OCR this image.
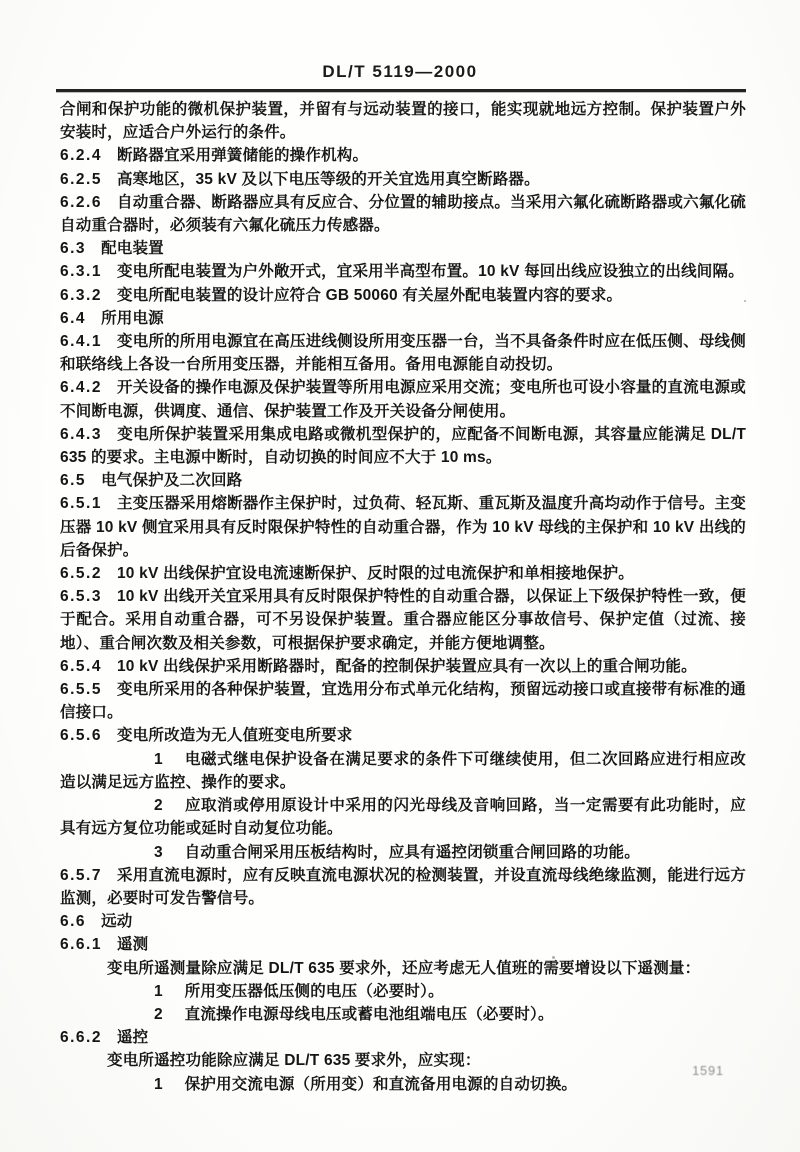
DL/T 5119—2000

合闸和保护功能的微机保护装置，并留有与远动装置的接口，能实现就地远方控制。保护装置户外安装时，应适合户外运行的条件。

6.2.4 断路器宜采用弹簧储能的操作机构。

6.2.5 高寒地区，35 kV 及以下电压等级的开关宜选用真空断路器。

6.2.6 自动重合器、断路器应具有反应合、分位置的辅助接点。当采用六氟化硫断路器或六氟化硫自动重合器时，必须装有六氟化硫压力传感器。

6.3 配电装置

6.3.1 变电所配电装置为户外敞开式，宜采用半高型布置。10 kV 每回出线应设独立的出线间隔。

6.3.2 变电所配电装置的设计应符合 GB 50060 有关屋外配电装置内容的要求。

6.4 所用电源

6.4.1 变电所的所用电源宜在高压进线侧设所用变压器一台，当不具备条件时应在低压侧、母线侧和联络线上各设一台所用变压器，并能相互备用。备用电源能自动投切。

6.4.2 开关设备的操作电源及保护装置等所用电源应采用交流；变电所也可设小容量的直流电源或不间断电源，供调度、通信、保护装置工作及开关设备分闸使用。

6.4.3 变电所保护装置采用集成电路或微机型保护的，应配备不间断电源，其容量应能满足 DL/T 635 的要求。主电源中断时，自动切换的时间应不大于 10 ms。

6.5 电气保护及二次回路

6.5.1 主变压器采用熔断器作主保护时，过负荷、轻瓦斯、重瓦斯及温度升高均动作于信号。主变压器 10 kV 侧宜采用具有反时限保护特性的自动重合器，作为 10 kV 母线的主保护和 10 kV 出线的后备保护。

6.5.2 10 kV 出线保护宜设电流速断保护、反时限的过电流保护和单相接地保护。

6.5.3 10 kV 出线开关宜采用具有反时限保护特性的自动重合器，以保证上下级保护特性一致，便于配合。采用自动重合器，可不另设保护装置。重合器应能区分事故信号、保护定值（过流、接地）、重合闸次数及相关参数，可根据保护要求确定，并能方便地调整。

6.5.4 10 kV 出线保护采用断路器时，配备的控制保护装置应具有一次以上的重合闸功能。

6.5.5 变电所采用的各种保护装置，宜选用分布式单元化结构，预留远动接口或直接带有标准的通信接口。

6.5.6 变电所改造为无人值班变电所要求

1 电磁式继电保护设备在满足要求的条件下可继续使用，但二次回路应进行相应改造以满足远方监控、操作的要求。

2 应取消或停用原设计中采用的闪光母线及音响回路，当一定需要有此功能时，应具有远方复位功能或延时自动复位功能。

3 自动重合闸采用压板结构时，应具有遥控闭锁重合闸回路的功能。

6.5.7 采用直流电源时，应有反映直流电源状况的检测装置，并设直流母线绝缘监测，能进行远方监测，必要时可发告警信号。

6.6 远动

6.6.1 遥测

变电所遥测量除应满足 DL/T 635 要求外，还应考虑无人值班的需要增设以下遥测量：

1 所用变压器低压侧的电压（必要时）。

2 直流操作电源母线电压或蓄电池组端电压（必要时）。

6.6.2 遥控

变电所遥控功能除应满足 DL/T 635 要求外，应实现：

1 保护用交流电源（所用变）和直流备用电源的自动切换。

1591
